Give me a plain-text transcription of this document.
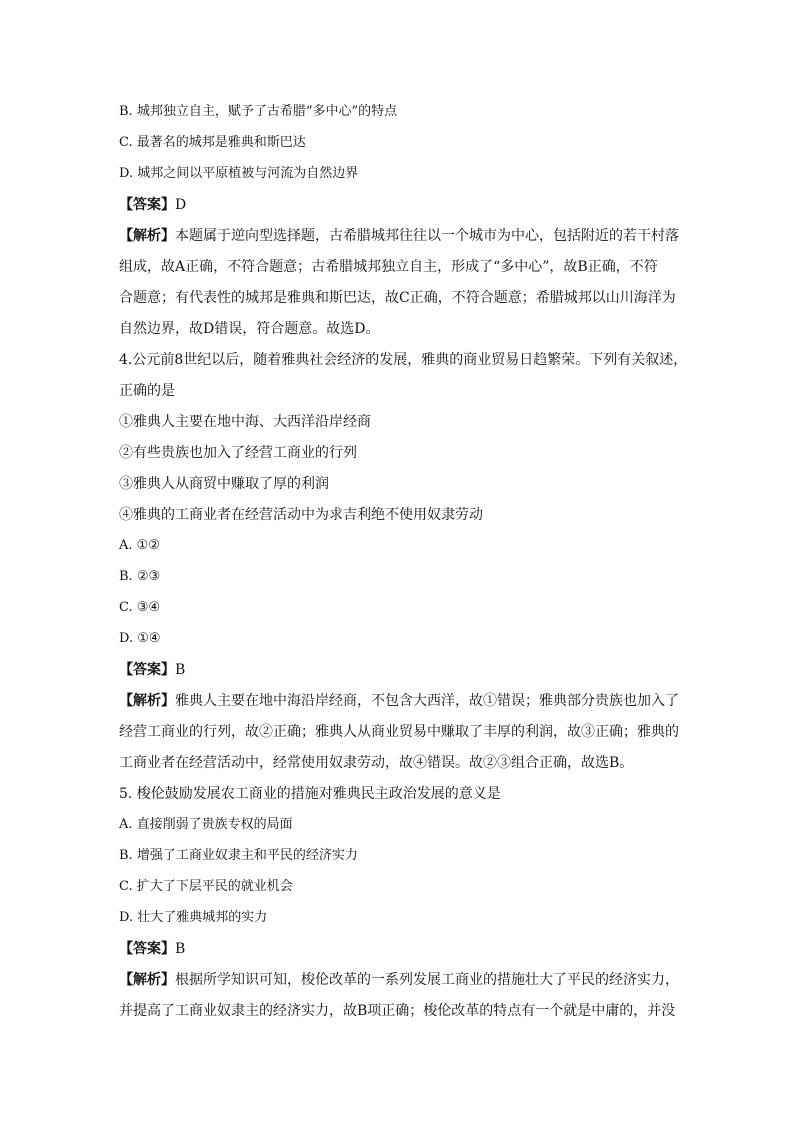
B. 城邦独立自主，赋予了古希腊“多中心”的特点
C. 最著名的城邦是雅典和斯巴达
D. 城邦之间以平原植被与河流为自然边界
【答案】D
【解析】本题属于逆向型选择题，古希腊城邦往往以一个城市为中心，包括附近的若干村落
组成，故A正确，不符合题意；古希腊城邦独立自主，形成了“多中心”，故B正确，不符
合题意；有代表性的城邦是雅典和斯巴达，故C正确，不符合题意；希腊城邦以山川海洋为
自然边界，故D错误，符合题意。故选D。
4.公元前8世纪以后，随着雅典社会经济的发展，雅典的商业贸易日趋繁荣。下列有关叙述，
正确的是
①雅典人主要在地中海、大西洋沿岸经商
②有些贵族也加入了经营工商业的行列
③雅典人从商贸中赚取了厚的利润
④雅典的工商业者在经营活动中为求吉利绝不使用奴隶劳动
A. ①②
B. ②③
C. ③④
D. ①④
【答案】B
【解析】雅典人主要在地中海沿岸经商，不包含大西洋，故①错误；雅典部分贵族也加入了
经营工商业的行列，故②正确；雅典人从商业贸易中赚取了丰厚的利润，故③正确；雅典的
工商业者在经营活动中，经常使用奴隶劳动，故④错误。故②③组合正确，故选B。
5. 梭伦鼓励发展农工商业的措施对雅典民主政治发展的意义是
A. 直接削弱了贵族专权的局面
B. 增强了工商业奴隶主和平民的经济实力
C. 扩大了下层平民的就业机会
D. 壮大了雅典城邦的实力
【答案】B
【解析】根据所学知识可知，梭伦改革的一系列发展工商业的措施壮大了平民的经济实力，
并提高了工商业奴隶主的经济实力，故B项正确；梭伦改革的特点有一个就是中庸的，并没
